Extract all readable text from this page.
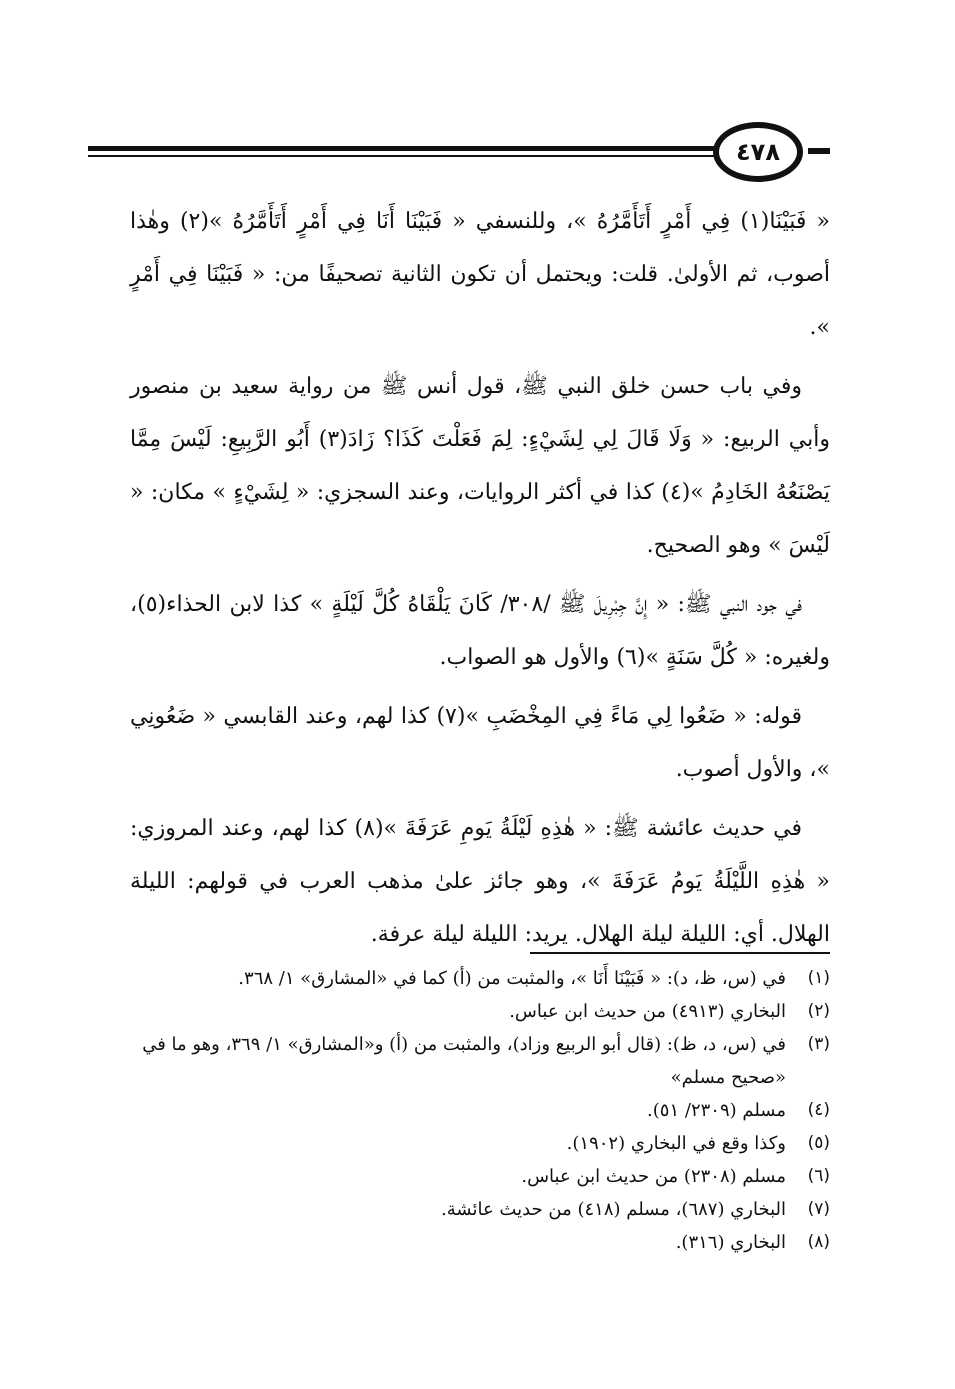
٤٧٨

« فَبَيْنَا(١) فِي أَمْرٍ أَتَأَمَّرُهُ »، وللنسفي « فَبَيْنَا أَنَا فِي أَمْرٍ أَتَأَمَّرُهُ »(٢) وهٰذا أصوب، ثم الأولىٰ. قلت: ويحتمل أن تكون الثانية تصحيفًا من: « فَبَيْنَا فِي أَمْرٍ ».

وفي باب حسن خلق النبي ﷺ، قول أنس ﷺ من رواية سعيد بن منصور وأبي الربيع: « وَلَا قَالَ لِي لِشَيْءٍ: لِمَ فَعَلْتَ كَذَا؟ زَادَ(٣) أَبُو الرَّبِيعِ: لَيْسَ مِمَّا يَصْنَعُهُ الخَادِمُ »(٤) كذا في أكثر الروايات، وعند السجزي: « لِشَيْءٍ » مكان: « لَيْسَ » وهو الصحيح.

في جود النبي ﷺ: « إِنَّ جِبْرِيلَ ﷺ /٣٠٨/ كَانَ يَلْقَاهُ كُلَّ لَيْلَةٍ » كذا لابن الحذاء(٥)، ولغيره: « كُلَّ سَنَةٍ »(٦) والأول هو الصواب.

قوله: « ضَعُوا لِي مَاءً فِي المِخْضَبِ »(٧) كذا لهم، وعند القابسي « ضَعُونِي »، والأول أصوب.

في حديث عائشة ﷺ: « هٰذِهِ لَيْلَةُ يَومِ عَرَفَةَ »(٨) كذا لهم، وعند المروزي: « هٰذِهِ اللَّيْلَةُ يَومُ عَرَفَةَ »، وهو جائز علىٰ مذهب العرب في قولهم: الليلة الهلال. أي: الليلة ليلة الهلال. يريد: الليلة ليلة عرفة.

(١)
في (س، ظ، د): « فَبَيْنَا أَنَا »، والمثبت من (أ) كما في «المشارق» ١/ ٣٦٨.
(٢)
البخاري (٤٩١٣) من حديث ابن عباس.
(٣)
في (س، د، ظ): (قال أبو الربيع وزاد)، والمثبت من (أ) و«المشارق» ١/ ٣٦٩، وهو ما في «صحيح مسلم»
(٤)
مسلم (٢٣٠٩/ ٥١).
(٥)
وكذا وقع في البخاري (١٩٠٢).
(٦)
مسلم (٢٣٠٨) من حديث ابن عباس.
(٧)
البخاري (٦٨٧)، مسلم (٤١٨) من حديث عائشة.
(٨)
البخاري (٣١٦).
